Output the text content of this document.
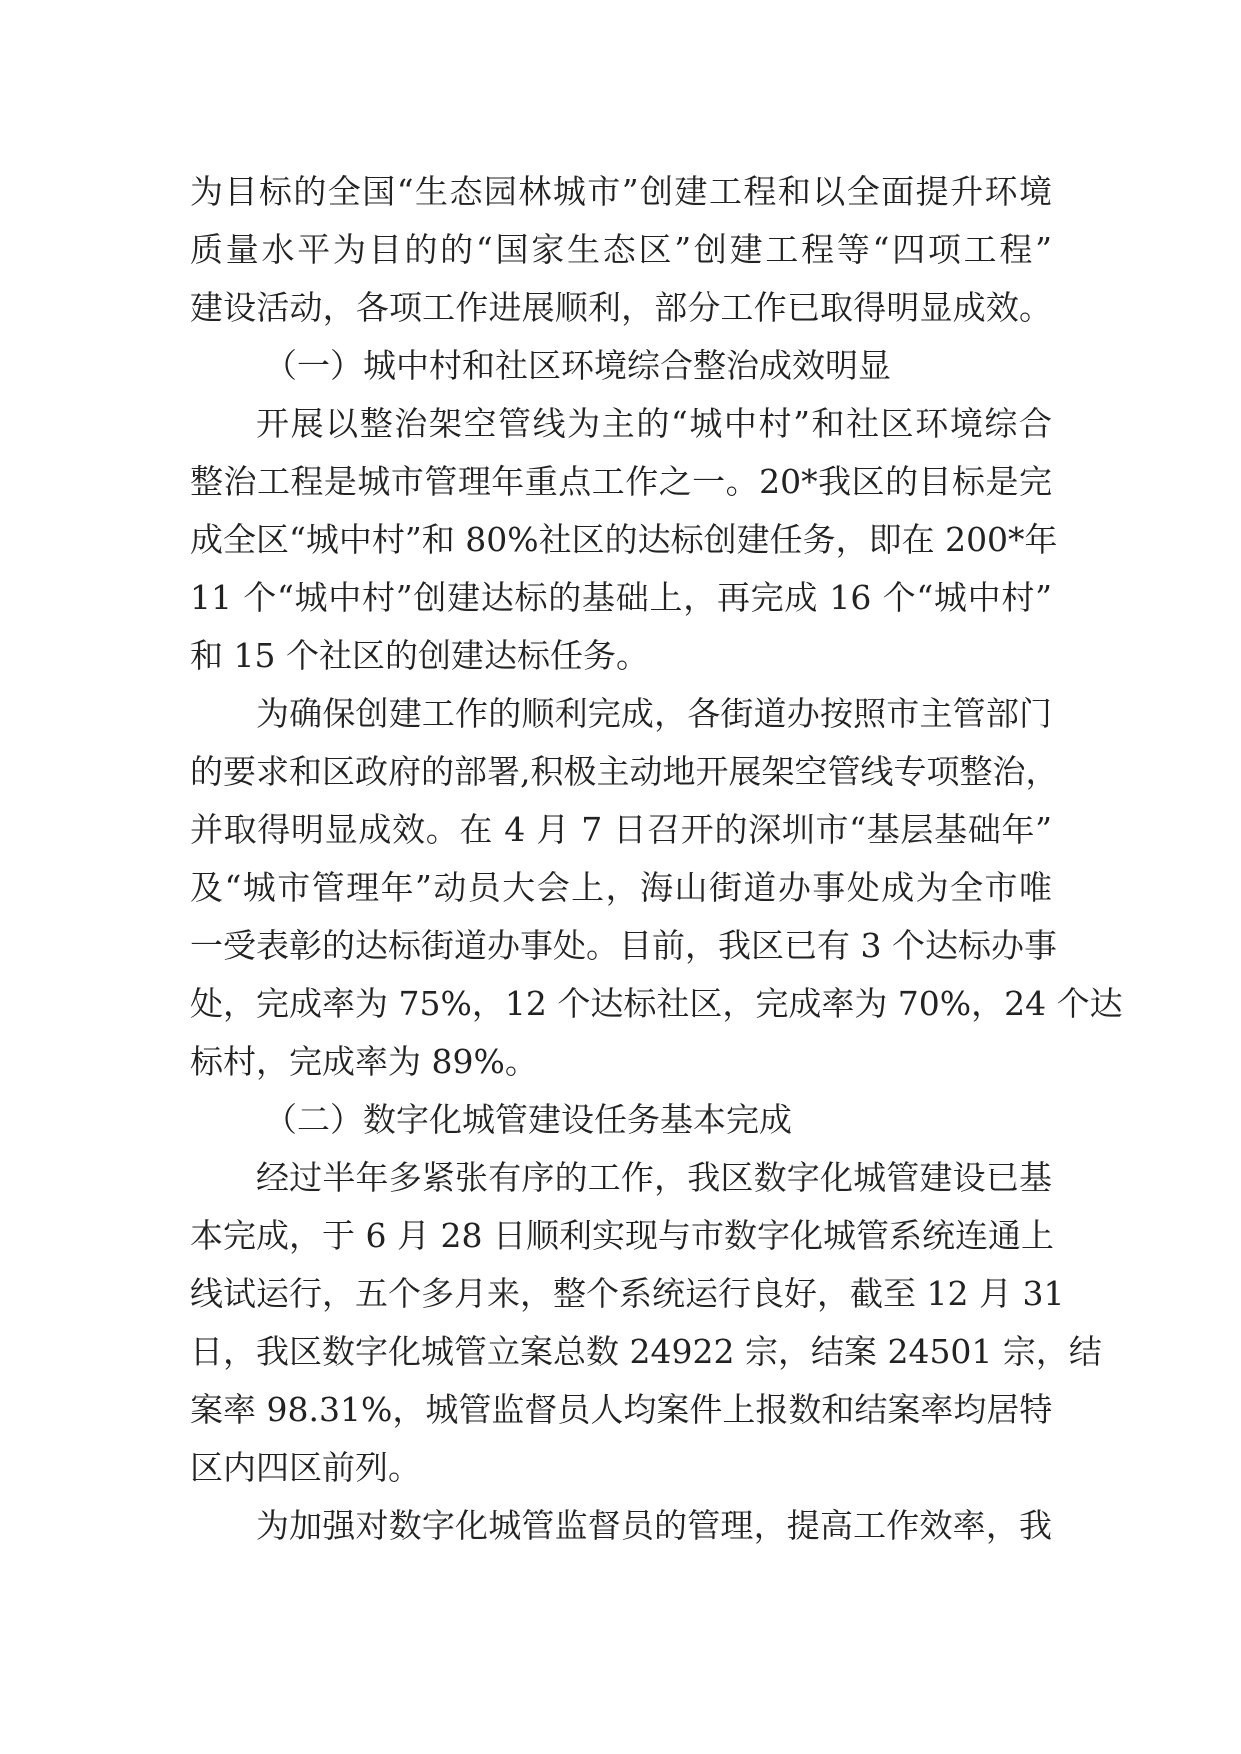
为目标的全国“生态园林城市”创建工程和以全面提升环境
质量水平为目的的“国家生态区”创建工程等“四项工程”
建设活动，各项工作进展顺利，部分工作已取得明显成效。
（一）城中村和社区环境综合整治成效明显
开展以整治架空管线为主的“城中村”和社区环境综合
整治工程是城市管理年重点工作之一。20*我区的目标是完
成全区“城中村”和 80%社区的达标创建任务，即在 200*年
11 个“城中村”创建达标的基础上，再完成 16 个“城中村”
和 15 个社区的创建达标任务。
为确保创建工作的顺利完成，各街道办按照市主管部门
的要求和区政府的部署,积极主动地开展架空管线专项整治，
并取得明显成效。在 4 月 7 日召开的深圳市“基层基础年”
及“城市管理年”动员大会上，海山街道办事处成为全市唯
一受表彰的达标街道办事处。目前，我区已有 3 个达标办事
处，完成率为 75%，12 个达标社区，完成率为 70%，24 个达
标村，完成率为 89%。
（二）数字化城管建设任务基本完成
经过半年多紧张有序的工作，我区数字化城管建设已基
本完成，于 6 月 28 日顺利实现与市数字化城管系统连通上
线试运行，五个多月来，整个系统运行良好，截至 12 月 31
日，我区数字化城管立案总数 24922 宗，结案 24501 宗，结
案率 98.31%，城管监督员人均案件上报数和结案率均居特
区内四区前列。
为加强对数字化城管监督员的管理，提高工作效率，我
